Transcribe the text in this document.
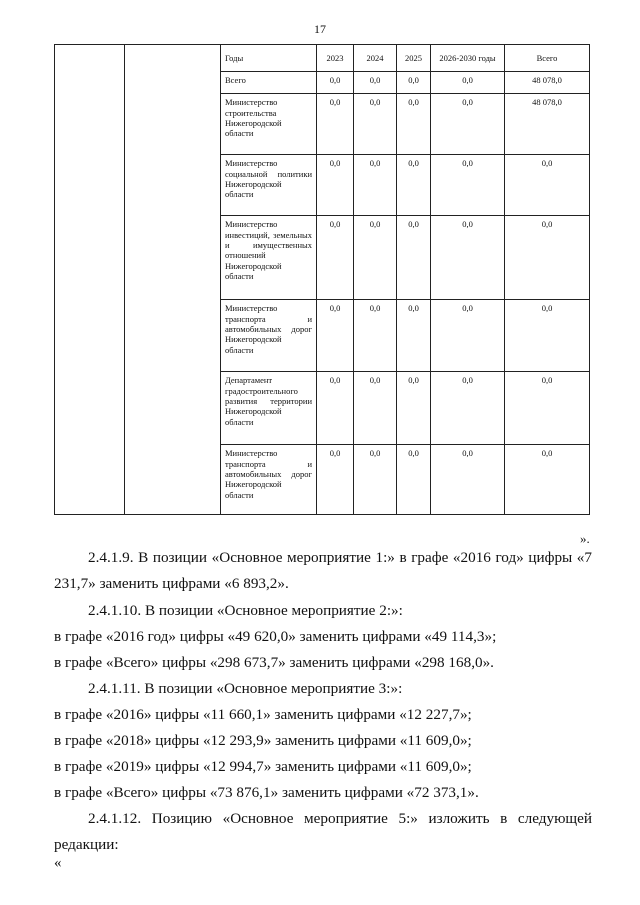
17
		Годы	2023	2024	2025	2026-2030 годы	Всего
		Всего	0,0	0,0	0,0	0,0	48 078,0
		Министерство строительства Нижегородской области	0,0	0,0	0,0	0,0	48 078,0
		Министерство социальной политики Нижегородской области	0,0	0,0	0,0	0,0	0,0
		Министерство инвестиций, земельных и имущественных отношений Нижегородской области	0,0	0,0	0,0	0,0	0,0
		Министерство транспорта и автомобильных дорог Нижегородской области	0,0	0,0	0,0	0,0	0,0
		Департамент градостроительного развития территории Нижегородской области	0,0	0,0	0,0	0,0	0,0
		Министерство транспорта и автомобильных дорог Нижегородской области	0,0	0,0	0,0	0,0	0,0
».
2.4.1.9. В позиции «Основное мероприятие 1:» в графе «2016 год» цифры «7 231,7» заменить цифрами «6 893,2».
2.4.1.10. В позиции «Основное мероприятие 2:»:
в графе «2016 год» цифры «49 620,0» заменить цифрами «49 114,3»;
в графе «Всего» цифры «298 673,7» заменить цифрами «298 168,0».
2.4.1.11. В позиции «Основное мероприятие 3:»:
в графе «2016» цифры «11 660,1» заменить цифрами «12 227,7»;
в графе «2018» цифры «12 293,9» заменить цифрами «11 609,0»;
в графе «2019» цифры «12 994,7» заменить цифрами «11 609,0»;
в графе «Всего» цифры «73 876,1» заменить цифрами «72 373,1».
2.4.1.12. Позицию «Основное мероприятие 5:» изложить в следующей редакции:
«
